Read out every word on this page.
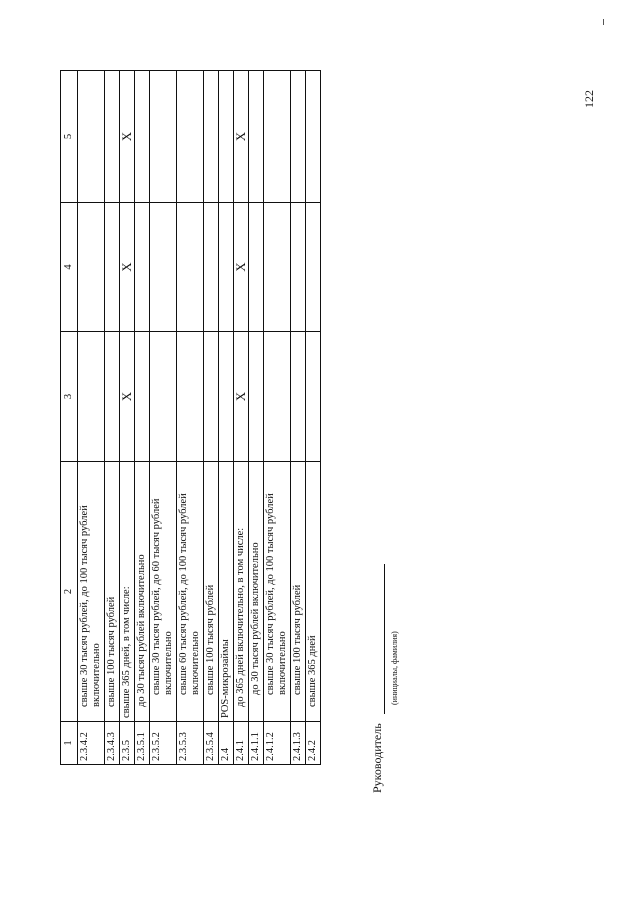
122
1	2	3	4	5
2.3.4.2	свыше 30 тысяч рублей, до 100 тысяч рублей включительно			

2.3.4.3	свыше 100 тысяч рублей			
2.3.5	свыше 365 дней, в том числе:	X	X	X
2.3.5.1	до 30 тысяч рублей включительно			
2.3.5.2	свыше 30 тысяч рублей, до 60 тысяч рублей включительно			

2.3.5.3	свыше 60 тысяч рублей, до 100 тысяч рублей включительно			

2.3.5.4	свыше 100 тысяч рублей			
2.4	POS-микрозаймы			
2.4.1	до 365 дней включительно, в том числе:	X	X	X
2.4.1.1	до 30 тысяч рублей включительно			
2.4.1.2	свыше 30 тысяч рублей, до 100 тысяч рублей включительно			

2.4.1.3	свыше 100 тысяч рублей			
2.4.2	свыше 365 дней			
Руководитель
(инициалы, фамилия)
